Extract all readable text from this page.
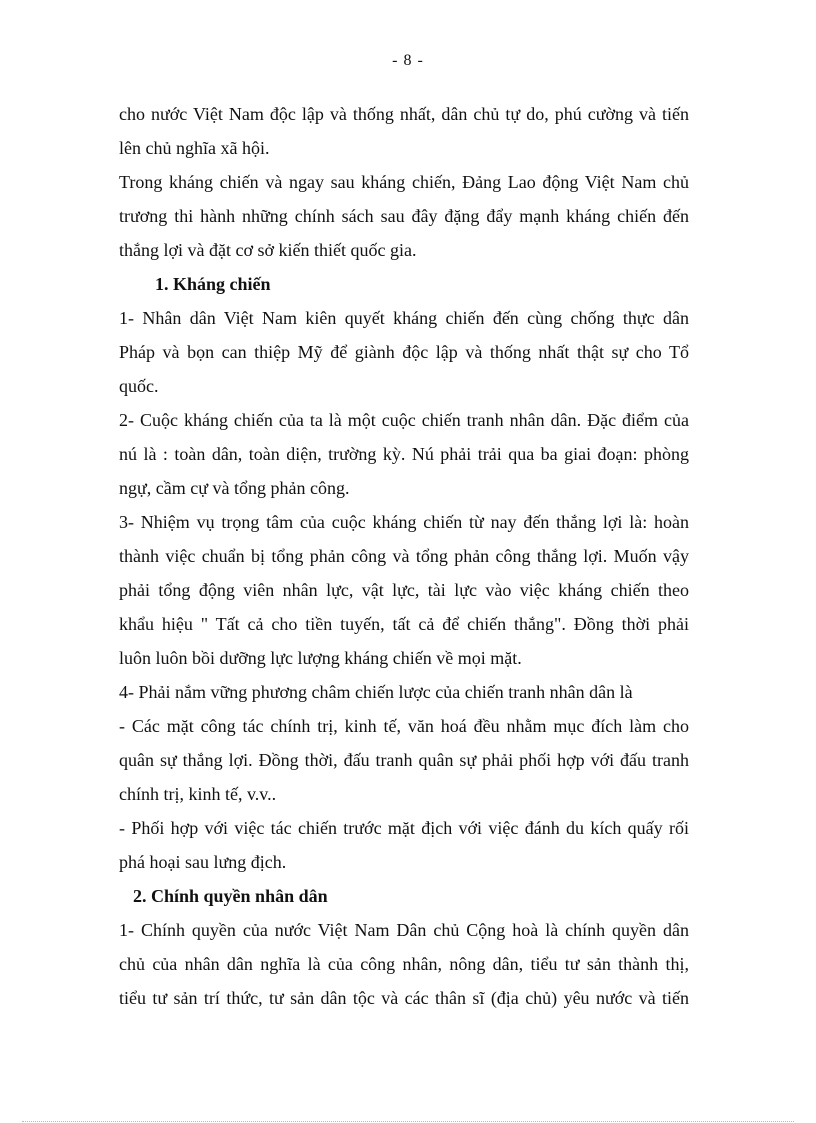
- 8 -
cho nước Việt Nam độc lập và thống nhất, dân chủ tự do, phú cường và tiến
lên chủ nghĩa xã hội.
Trong kháng chiến và ngay sau kháng chiến, Đảng Lao động Việt Nam chủ
trương thi hành những chính sách sau đây đặng đẩy mạnh kháng chiến đến
thắng lợi và đặt cơ sở kiến thiết quốc gia.
1. Kháng chiến
1- Nhân dân Việt Nam kiên quyết kháng chiến đến cùng chống thực dân
Pháp và bọn can thiệp Mỹ để giành độc lập và thống nhất thật sự cho Tổ
quốc.
2- Cuộc kháng chiến của ta là một cuộc chiến tranh nhân dân. Đặc điểm của
nú là : toàn dân, toàn diện, trường kỳ. Nú phải trải qua ba giai đoạn: phòng
ngự, cầm cự và tổng phản công.
3- Nhiệm vụ trọng tâm của cuộc kháng chiến từ nay đến thắng lợi là: hoàn
thành việc chuẩn bị tổng phản công và tổng phản công thắng lợi. Muốn vậy
phải tổng động viên nhân lực, vật lực, tài lực vào việc kháng chiến theo
khẩu hiệu " Tất cả cho tiền tuyến, tất cả để chiến thắng". Đồng thời phải
luôn luôn bồi dưỡng lực lượng kháng chiến về mọi mặt.
4- Phải nắm vững phương châm chiến lược của chiến tranh nhân dân là
- Các mặt công tác chính trị, kinh tế, văn hoá đều nhằm mục đích làm cho
quân sự thắng lợi. Đồng thời, đấu tranh quân sự phải phối hợp với đấu tranh
chính trị, kinh tế, v.v..
- Phối hợp với việc tác chiến trước mặt địch với việc đánh du kích quấy rối
phá hoại sau lưng địch.
2. Chính quyền nhân dân
1- Chính quyền của nước Việt Nam Dân chủ Cộng hoà là chính quyền dân
chủ của nhân dân nghĩa là của công nhân, nông dân, tiểu tư sản thành thị,
tiểu tư sản trí thức, tư sản dân tộc và các thân sĩ (địa chủ) yêu nước và tiến
